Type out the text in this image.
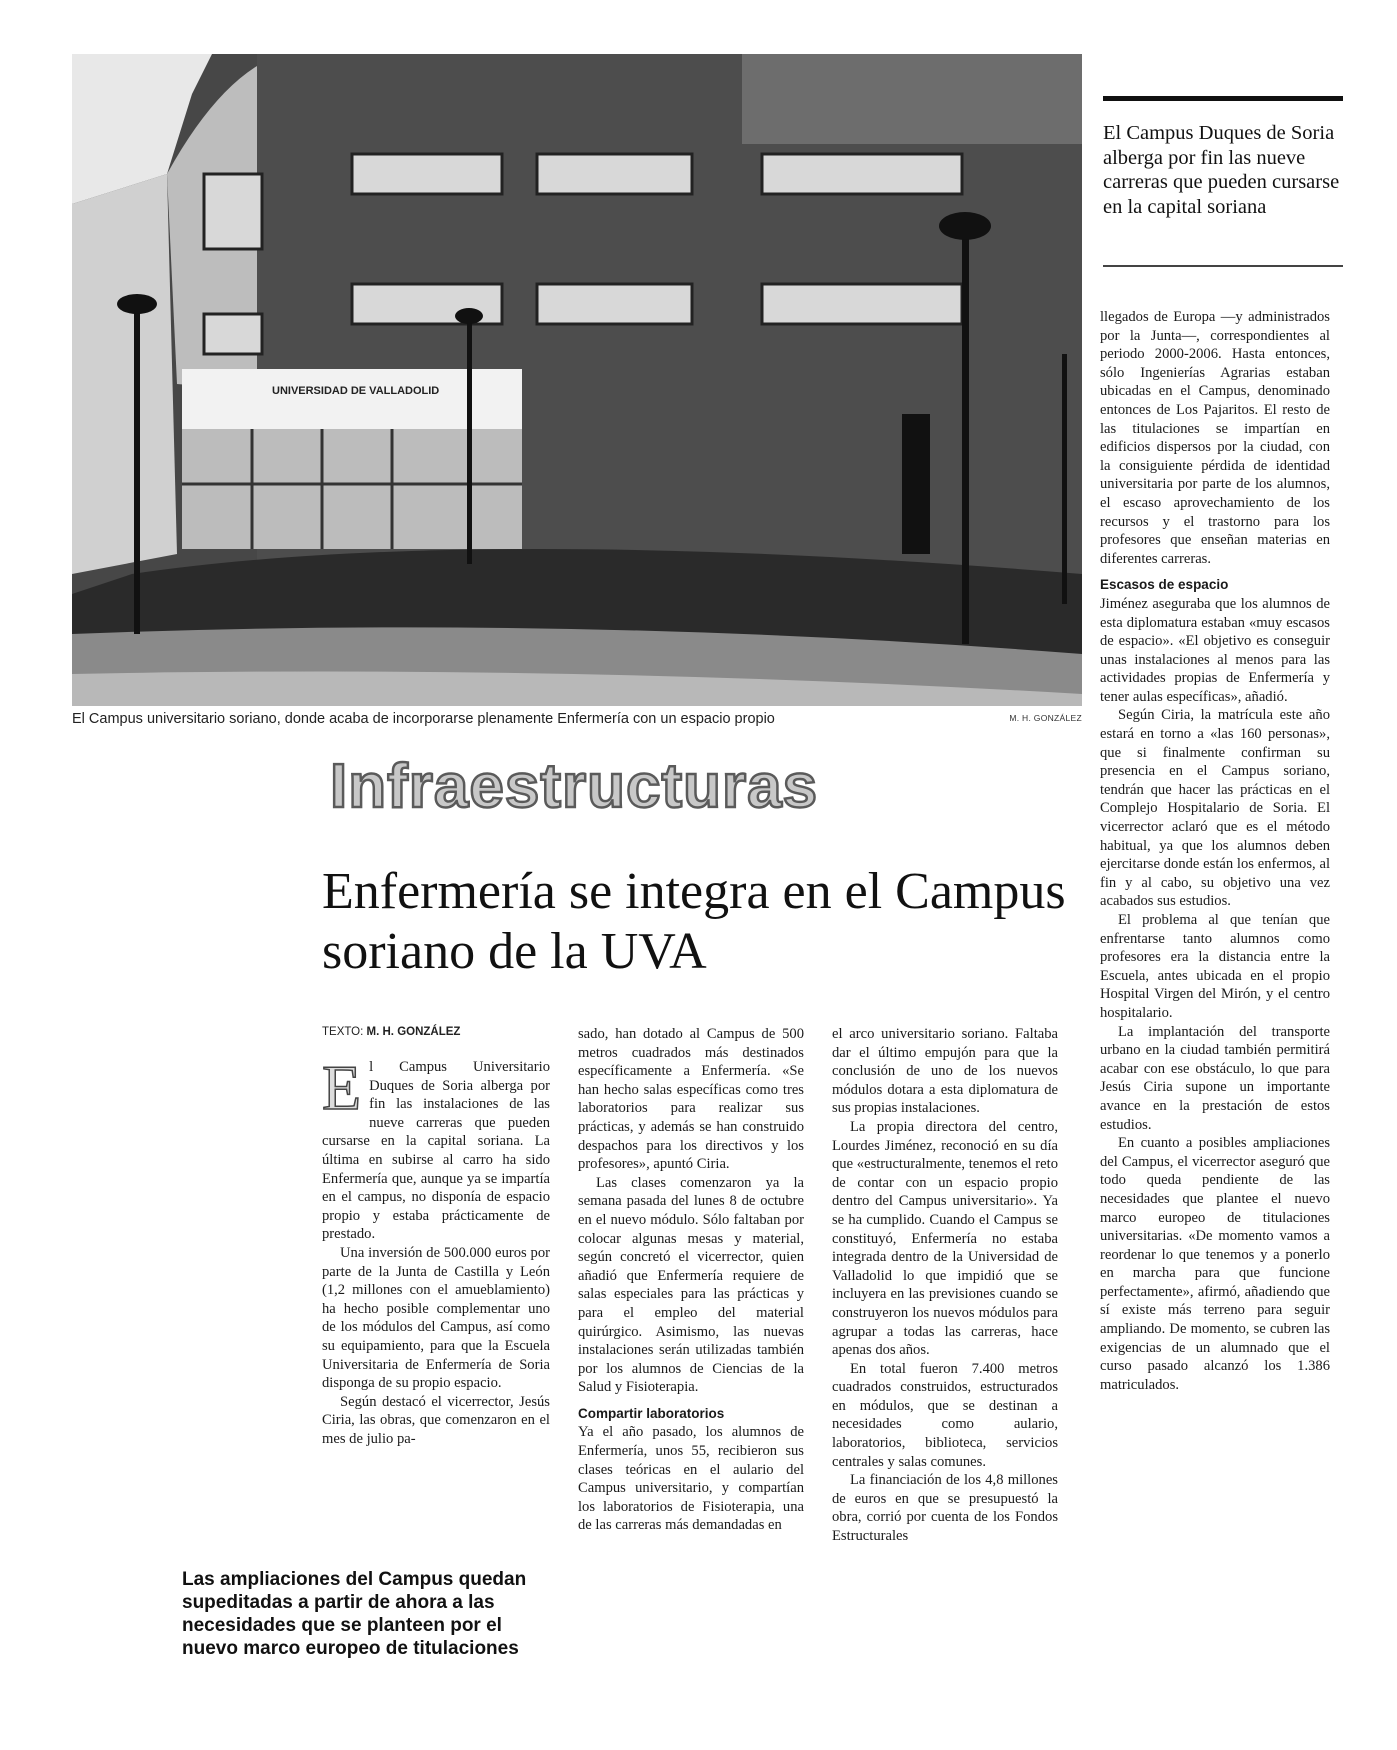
UNIVERSIDAD DE VALLADOLID
El Campus universitario soriano, donde acaba de incorporarse plenamente Enfermería con un espacio propio	M. H. GONZÁLEZ
El Campus Duques de Soria alberga por fin las nueve carreras que pueden cursarse en la capital soriana
Infraestructuras
Enfermería se integra en el Campus soriano de la UVA
TEXTO: M. H. GONZÁLEZ
E l Campus Universitario Duques de Soria alberga por fin las instalaciones de las nueve carreras que pueden cursarse en la capital soriana. La última en subirse al carro ha sido Enfermería que, aunque ya se impartía en el campus, no disponía de espacio propio y estaba prácticamente de prestado.

Una inversión de 500.000 euros por parte de la Junta de Castilla y León (1,2 millones con el amueblamiento) ha hecho posible complementar uno de los módulos del Campus, así como su equipamiento, para que la Escuela Universitaria de Enfermería de Soria disponga de su propio espacio.

Según destacó el vicerrector, Jesús Ciria, las obras, que comenzaron en el mes de julio pa-

sado, han dotado al Campus de 500 metros cuadrados más destinados específicamente a Enfermería. «Se han hecho salas específicas como tres laboratorios para realizar sus prácticas, y además se han construido despachos para los directivos y los profesores», apuntó Ciria.

Las clases comenzaron ya la semana pasada del lunes 8 de octubre en el nuevo módulo. Sólo faltaban por colocar algunas mesas y material, según concretó el vicerrector, quien añadió que Enfermería requiere de salas especiales para las prácticas y para el empleo del material quirúrgico. Asimismo, las nuevas instalaciones serán utilizadas también por los alumnos de Ciencias de la Salud y Fisioterapia.

Compartir laboratorios

Ya el año pasado, los alumnos de Enfermería, unos 55, recibieron sus clases teóricas en el aulario del Campus universitario, y compartían los laboratorios de Fisioterapia, una de las carreras más demandadas en

el arco universitario soriano. Faltaba dar el último empujón para que la conclusión de uno de los nuevos módulos dotara a esta diplomatura de sus propias instalaciones.

La propia directora del centro, Lourdes Jiménez, reconoció en su día que «estructuralmente, tenemos el reto de contar con un espacio propio dentro del Campus universitario». Ya se ha cumplido. Cuando el Campus se constituyó, Enfermería no estaba integrada dentro de la Universidad de Valladolid lo que impidió que se incluyera en las previsiones cuando se construyeron los nuevos módulos para agrupar a todas las carreras, hace apenas dos años.

En total fueron 7.400 metros cuadrados construidos, estructurados en módulos, que se destinan a necesidades como aulario, laboratorios, biblioteca, servicios centrales y salas comunes.

La financiación de los 4,8 millones de euros en que se presupuestó la obra, corrió por cuenta de los Fondos Estructurales

llegados de Europa —y administrados por la Junta—, correspondientes al periodo 2000-2006. Hasta entonces, sólo Ingenierías Agrarias estaban ubicadas en el Campus, denominado entonces de Los Pajaritos. El resto de las titulaciones se impartían en edificios dispersos por la ciudad, con la consiguiente pérdida de identidad universitaria por parte de los alumnos, el escaso aprovechamiento de los recursos y el trastorno para los profesores que enseñan materias en diferentes carreras.

Escasos de espacio

Jiménez aseguraba que los alumnos de esta diplomatura estaban «muy escasos de espacio». «El objetivo es conseguir unas instalaciones al menos para las actividades propias de Enfermería y tener aulas específicas», añadió.

Según Ciria, la matrícula este año estará en torno a «las 160 personas», que si finalmente confirman su presencia en el Campus soriano, tendrán que hacer las prácticas en el Complejo Hospitalario de Soria. El vicerrector aclaró que es el método habitual, ya que los alumnos deben ejercitarse donde están los enfermos, al fin y al cabo, su objetivo una vez acabados sus estudios.

El problema al que tenían que enfrentarse tanto alumnos como profesores era la distancia entre la Escuela, antes ubicada en el propio Hospital Virgen del Mirón, y el centro hospitalario.

La implantación del transporte urbano en la ciudad también permitirá acabar con ese obstáculo, lo que para Jesús Ciria supone un importante avance en la prestación de estos estudios.

En cuanto a posibles ampliaciones del Campus, el vicerrector aseguró que todo queda pendiente de las necesidades que plantee el nuevo marco europeo de titulaciones universitarias. «De momento vamos a reordenar lo que tenemos y a ponerlo en marcha para que funcione perfectamente», afirmó, añadiendo que sí existe más terreno para seguir ampliando. De momento, se cubren las exigencias de un alumnado que el curso pasado alcanzó los 1.386 matriculados.

Las ampliaciones del Campus quedan supeditadas a partir de ahora a las necesidades que se planteen por el nuevo marco europeo de titulaciones
